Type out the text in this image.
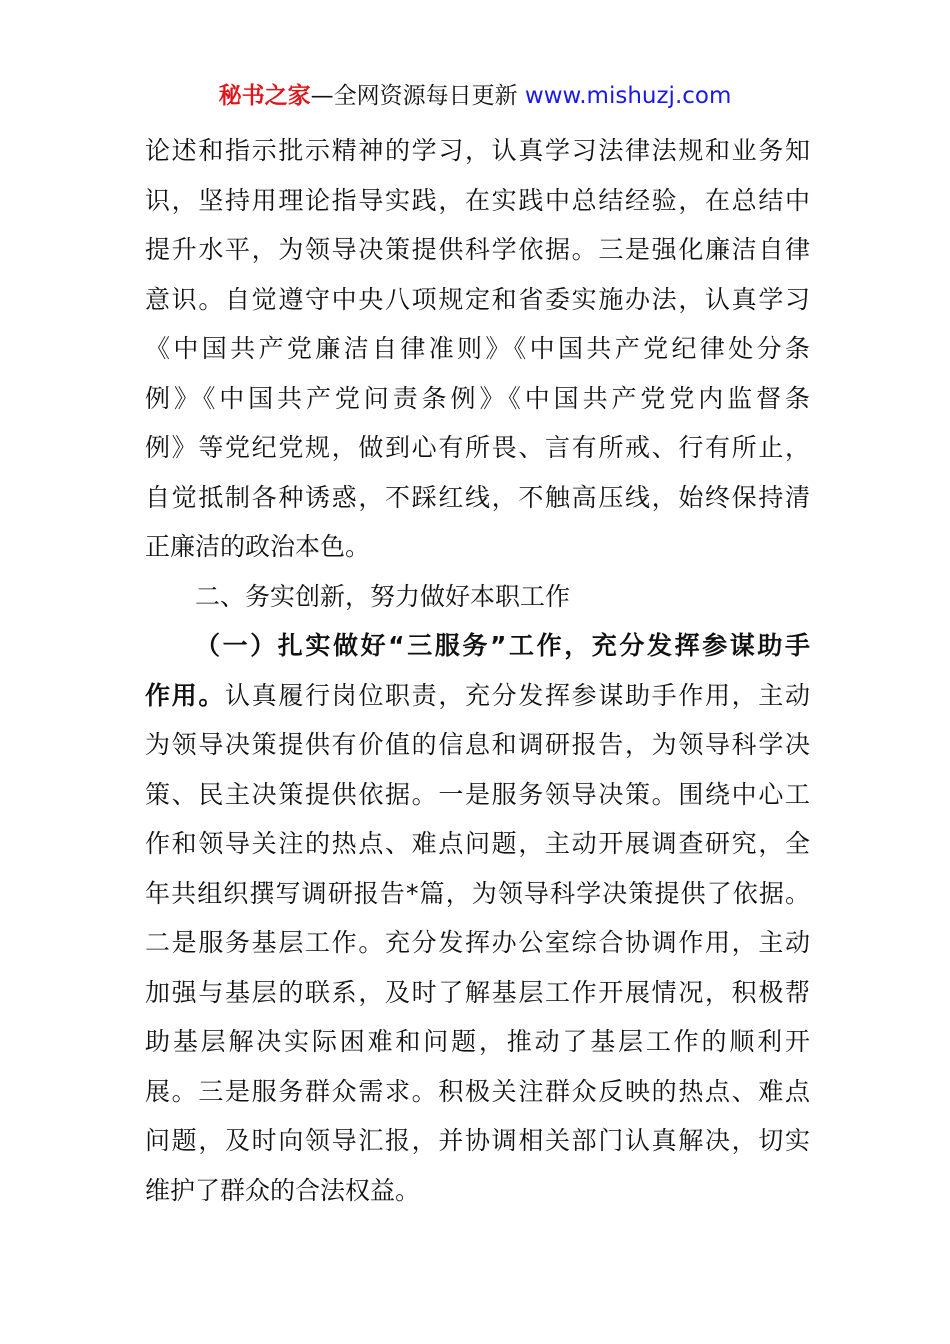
秘书之家—全网资源每日更新 www.mishuzj.com
论述和指示批示精神的学习，认真学习法律法规和业务知
识，坚持用理论指导实践，在实践中总结经验，在总结中
提升水平，为领导决策提供科学依据。三是强化廉洁自律
意识。自觉遵守中央八项规定和省委实施办法，认真学习
《中国共产党廉洁自律准则》《中国共产党纪律处分条
例》《中国共产党问责条例》《中国共产党党内监督条
例》等党纪党规，做到心有所畏、言有所戒、行有所止，
自觉抵制各种诱惑，不踩红线，不触高压线，始终保持清
正廉洁的政治本色。
二、务实创新，努力做好本职工作
（一）扎实做好“三服务”工作，充分发挥参谋助手
作用。认真履行岗位职责，充分发挥参谋助手作用，主动
为领导决策提供有价值的信息和调研报告，为领导科学决
策、民主决策提供依据。一是服务领导决策。围绕中心工
作和领导关注的热点、难点问题，主动开展调查研究，全
年共组织撰写调研报告*篇，为领导科学决策提供了依据。
二是服务基层工作。充分发挥办公室综合协调作用，主动
加强与基层的联系，及时了解基层工作开展情况，积极帮
助基层解决实际困难和问题，推动了基层工作的顺利开
展。三是服务群众需求。积极关注群众反映的热点、难点
问题，及时向领导汇报，并协调相关部门认真解决，切实
维护了群众的合法权益。
